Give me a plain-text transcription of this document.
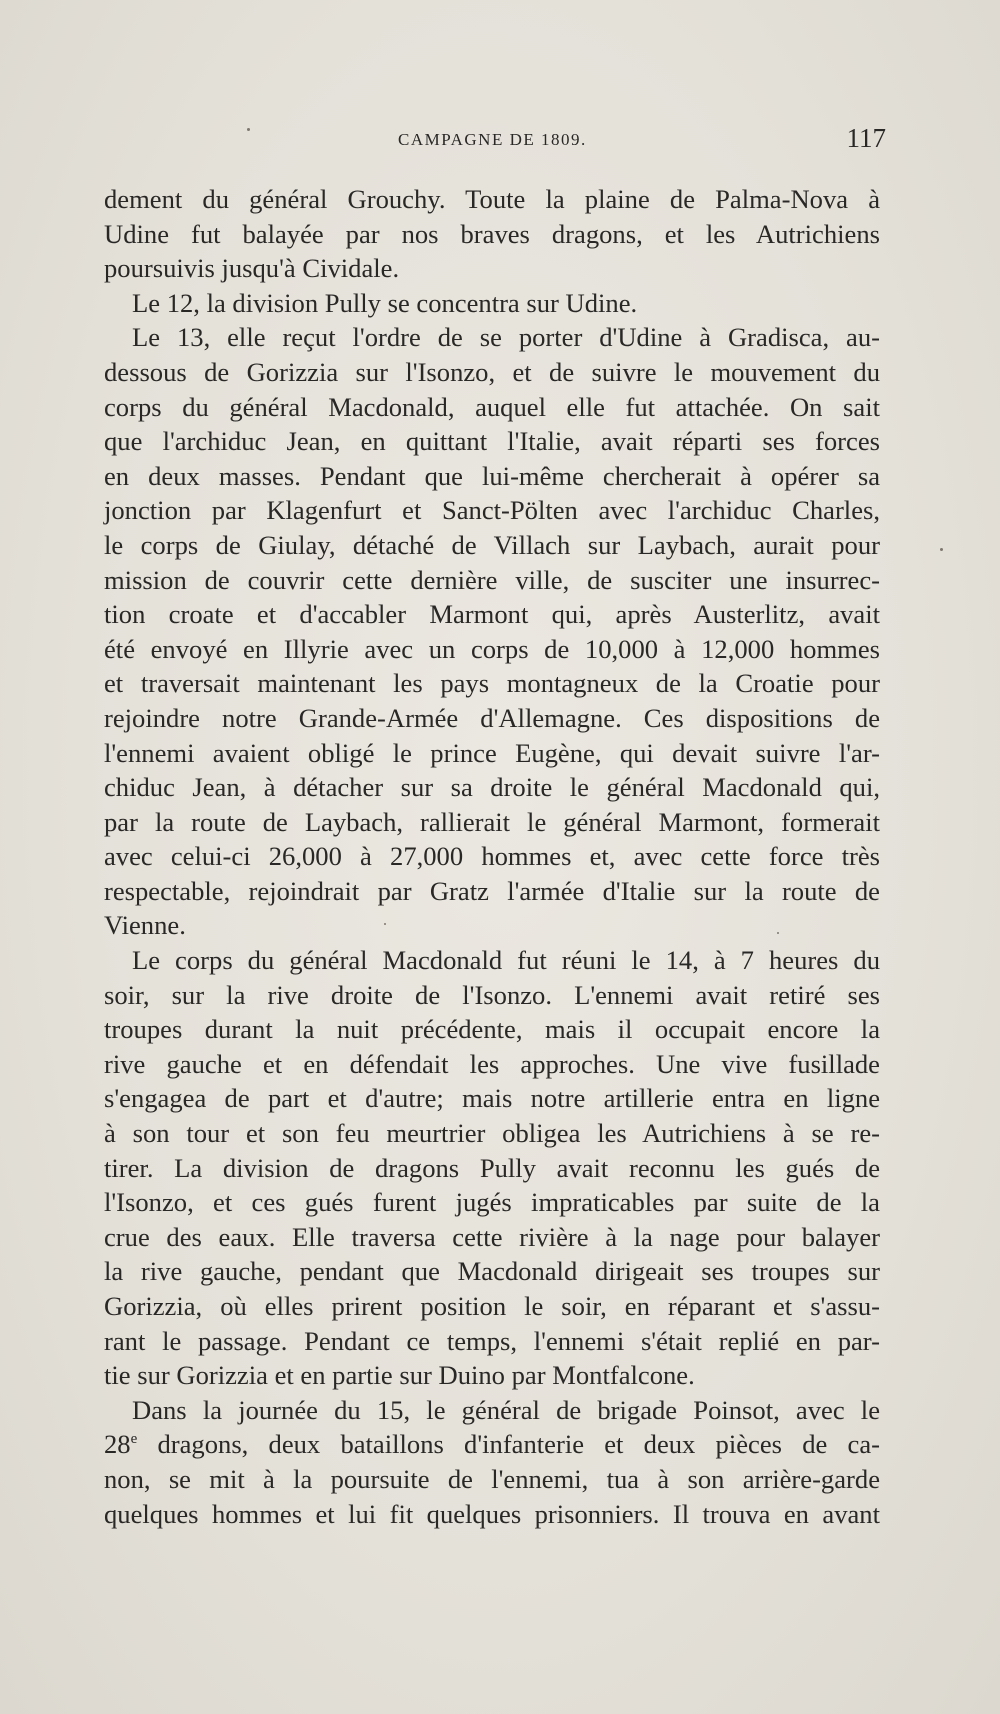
CAMPAGNE DE 1809.	117
dement du général Grouchy. Toute la plaine de Palma-Nova à
Udine fut balayée par nos braves dragons, et les Autrichiens
poursuivis jusqu'à Cividale.
Le 12, la division Pully se concentra sur Udine.
Le 13, elle reçut l'ordre de se porter d'Udine à Gradisca, au-
dessous de Gorizzia sur l'Isonzo, et de suivre le mouvement du
corps du général Macdonald, auquel elle fut attachée. On sait
que l'archiduc Jean, en quittant l'Italie, avait réparti ses forces
en deux masses. Pendant que lui-même chercherait à opérer sa
jonction par Klagenfurt et Sanct-Pölten avec l'archiduc Charles,
le corps de Giulay, détaché de Villach sur Laybach, aurait pour
mission de couvrir cette dernière ville, de susciter une insurrec-
tion croate et d'accabler Marmont qui, après Austerlitz, avait
été envoyé en Illyrie avec un corps de 10,000 à 12,000 hommes
et traversait maintenant les pays montagneux de la Croatie pour
rejoindre notre Grande-Armée d'Allemagne. Ces dispositions de
l'ennemi avaient obligé le prince Eugène, qui devait suivre l'ar-
chiduc Jean, à détacher sur sa droite le général Macdonald qui,
par la route de Laybach, rallierait le général Marmont, formerait
avec celui-ci 26,000 à 27,000 hommes et, avec cette force très
respectable, rejoindrait par Gratz l'armée d'Italie sur la route de
Vienne.
Le corps du général Macdonald fut réuni le 14, à 7 heures du
soir, sur la rive droite de l'Isonzo. L'ennemi avait retiré ses
troupes durant la nuit précédente, mais il occupait encore la
rive gauche et en défendait les approches. Une vive fusillade
s'engagea de part et d'autre; mais notre artillerie entra en ligne
à son tour et son feu meurtrier obligea les Autrichiens à se re-
tirer. La division de dragons Pully avait reconnu les gués de
l'Isonzo, et ces gués furent jugés impraticables par suite de la
crue des eaux. Elle traversa cette rivière à la nage pour balayer
la rive gauche, pendant que Macdonald dirigeait ses troupes sur
Gorizzia, où elles prirent position le soir, en réparant et s'assu-
rant le passage. Pendant ce temps, l'ennemi s'était replié en par-
tie sur Gorizzia et en partie sur Duino par Montfalcone.
Dans la journée du 15, le général de brigade Poinsot, avec le
28e dragons, deux bataillons d'infanterie et deux pièces de ca-
non, se mit à la poursuite de l'ennemi, tua à son arrière-garde
quelques hommes et lui fit quelques prisonniers. Il trouva en avant
